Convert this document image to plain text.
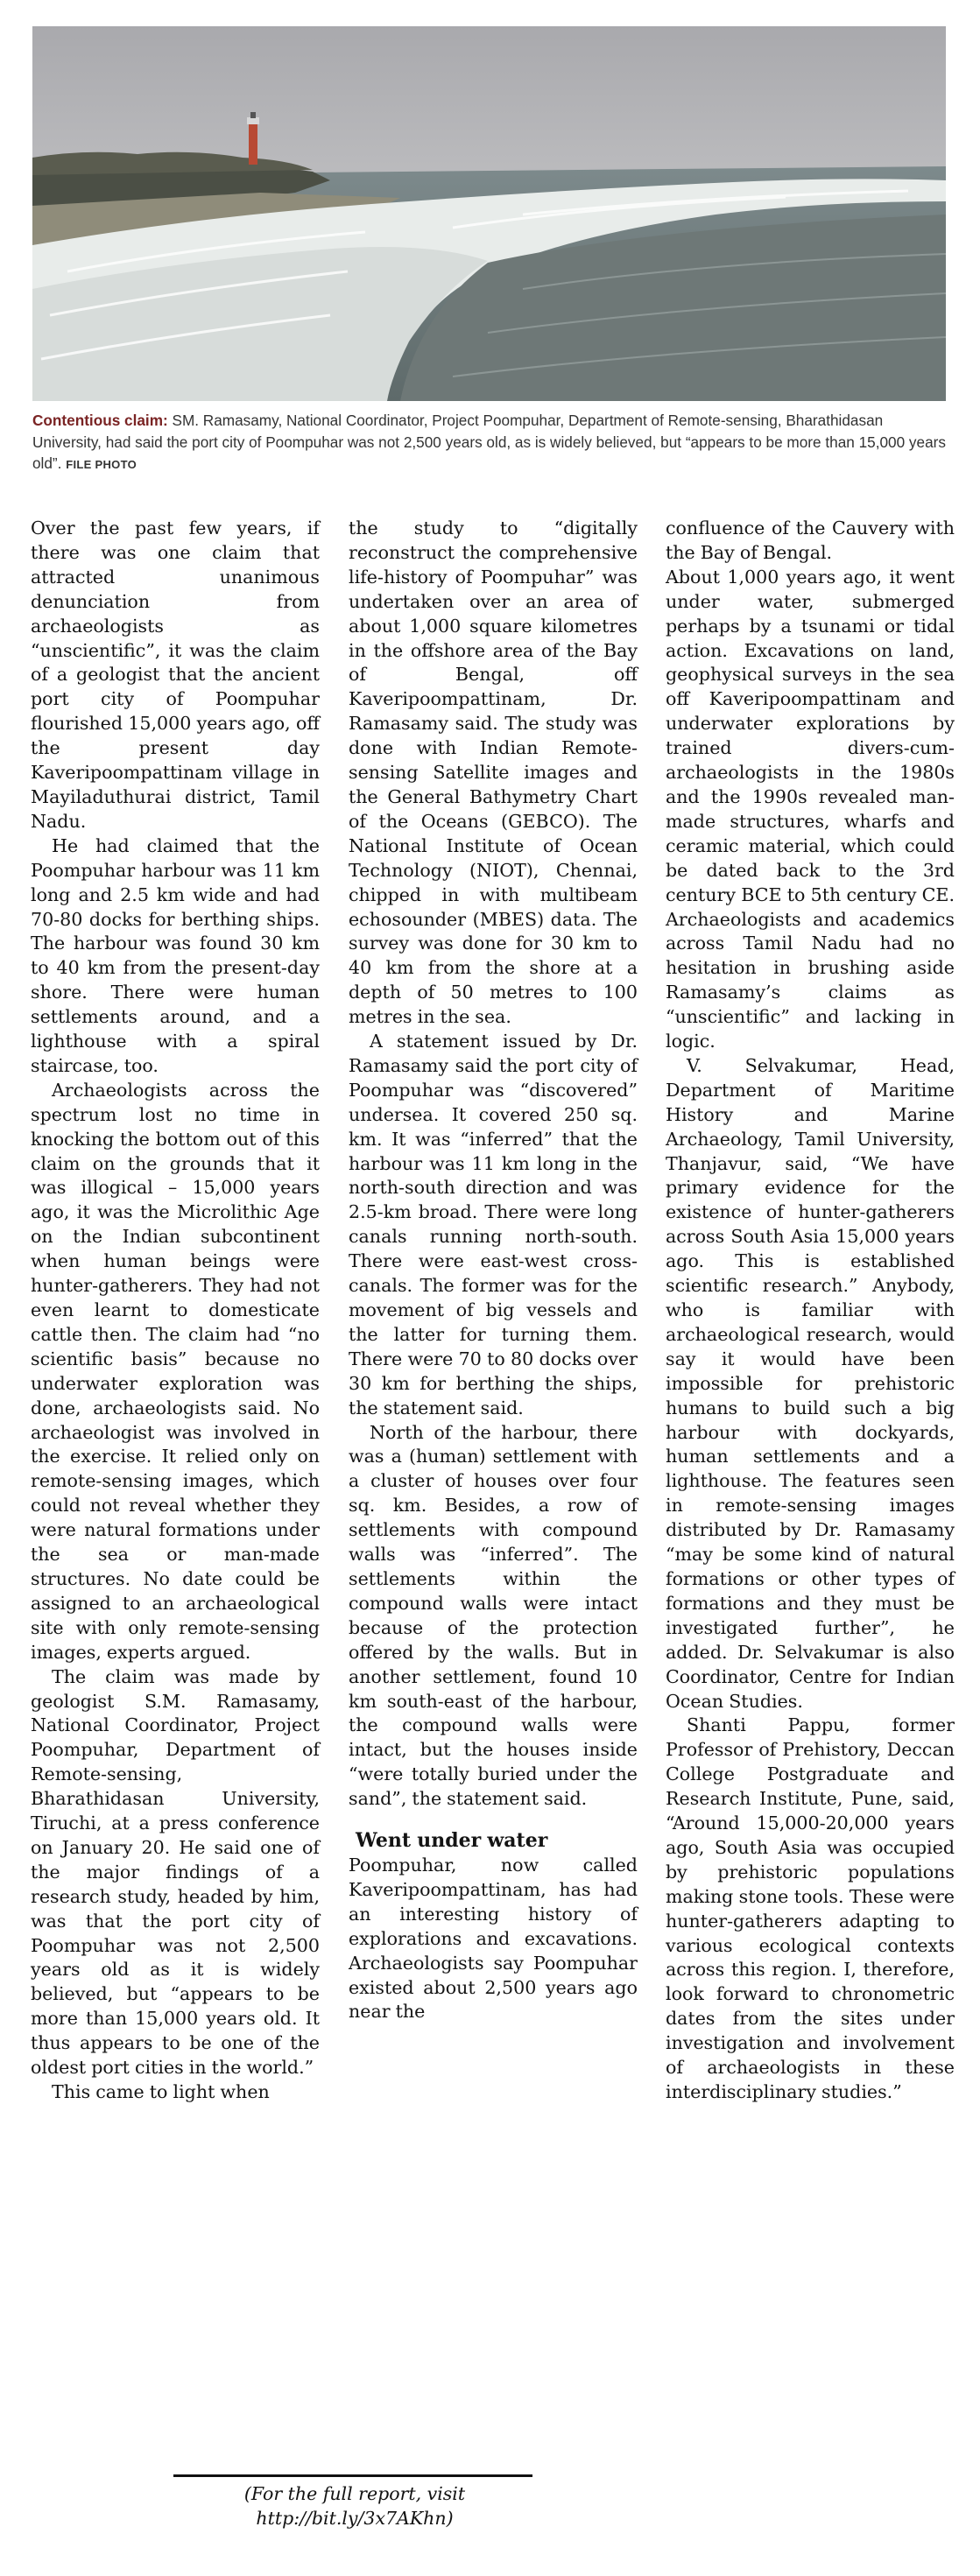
Contentious claim: SM. Ramasamy, National Coordinator, Project Poompuhar, Department of Remote-sensing, Bharathidasan University, had said the port city of Poompuhar was not 2,500 years old, as is widely believed, but “appears to be more than 15,000 years old”. FILE PHOTO

Over the past few years, if there was one claim that attracted unanimous denunciation from archaeologists as “unscientific”, it was the claim of a geologist that the ancient port city of Poompuhar flourished 15,000 years ago, off the present day Kaveripoompattinam village in Mayiladuthurai district, Tamil Nadu.

He had claimed that the Poompuhar harbour was 11 km long and 2.5 km wide and had 70-80 docks for berthing ships. The harbour was found 30 km to 40 km from the present-day shore. There were human settlements around, and a lighthouse with a spiral staircase, too.

Archaeologists across the spectrum lost no time in knocking the bottom out of this claim on the grounds that it was illogical – 15,000 years ago, it was the Microlithic Age on the Indian subcontinent when human beings were hunter-gatherers. They had not even learnt to domesticate cattle then. The claim had “no scientific basis” because no underwater exploration was done, archaeologists said. No archaeologist was involved in the exercise. It relied only on remote-sensing images, which could not reveal whether they were natural formations under the sea or man-made structures. No date could be assigned to an archaeological site with only remote-sensing images, experts argued.

The claim was made by geologist S.M. Ramasamy, National Coordinator, Project Poompuhar, Department of Remote-sensing, Bharathidasan University, Tiruchi, at a press conference on January 20. He said one of the major findings of a research study, headed by him, was that the port city of Poompuhar was not 2,500 years old as it is widely believed, but “appears to be more than 15,000 years old. It thus appears to be one of the oldest port cities in the world.”

This came to light when

the study to “digitally reconstruct the comprehensive life-history of Poompuhar” was undertaken over an area of about 1,000 square kilometres in the offshore area of the Bay of Bengal, off Kaveripoompattinam, Dr. Ramasamy said. The study was done with Indian Remote-sensing Satellite images and the General Bathymetry Chart of the Oceans (GEBCO). The National Institute of Ocean Technology (NIOT), Chennai, chipped in with multibeam echosounder (MBES) data. The survey was done for 30 km to 40 km from the shore at a depth of 50 metres to 100 metres in the sea.

A statement issued by Dr. Ramasamy said the port city of Poompuhar was “discovered” undersea. It covered 250 sq. km. It was “inferred” that the harbour was 11 km long in the north-south direction and was 2.5-km broad. There were long canals running north-south. There were east-west cross-canals. The former was for the movement of big vessels and the latter for turning them. There were 70 to 80 docks over 30 km for berthing the ships, the statement said.

North of the harbour, there was a (human) settlement with a cluster of houses over four sq. km. Besides, a row of settlements with compound walls was “inferred”. The settlements within the compound walls were intact because of the protection offered by the walls. But in another settlement, found 10 km south-east of the harbour, the compound walls were intact, but the houses inside “were totally buried under the sand”, the statement said.

Went under water

Poompuhar, now called Kaveripoompattinam, has had an interesting history of explorations and excavations. Archaeologists say Poompuhar existed about 2,500 years ago near the

confluence of the Cauvery with the Bay of Bengal.

About 1,000 years ago, it went under water, submerged perhaps by a tsunami or tidal action. Excavations on land, geophysical surveys in the sea off Kaveripoompattinam and underwater explorations by trained divers-cum-archaeologists in the 1980s and the 1990s revealed man-made structures, wharfs and ceramic material, which could be dated back to the 3rd century BCE to 5th century CE. Archaeologists and academics across Tamil Nadu had no hesitation in brushing aside Ramasamy’s claims as “unscientific” and lacking in logic.

V. Selvakumar, Head, Department of Maritime History and Marine Archaeology, Tamil University, Thanjavur, said, “We have primary evidence for the existence of hunter-gatherers across South Asia 15,000 years ago. This is established scientific research.” Anybody, who is familiar with archaeological research, would say it would have been impossible for prehistoric humans to build such a big harbour with dockyards, human settlements and a lighthouse. The features seen in remote-sensing images distributed by Dr. Ramasamy “may be some kind of natural formations or other types of formations and they must be investigated further”, he added. Dr. Selvakumar is also Coordinator, Centre for Indian Ocean Studies.

Shanti Pappu, former Professor of Prehistory, Deccan College Postgraduate and Research Institute, Pune, said, “Around 15,000-20,000 years ago, South Asia was occupied by prehistoric populations making stone tools. These were hunter-gatherers adapting to various ecological contexts across this region. I, therefore, look forward to chronometric dates from the sites under investigation and involvement of archaeologists in these interdisciplinary studies.”

(For the full report, visit
http://bit.ly/3x7AKhn)
